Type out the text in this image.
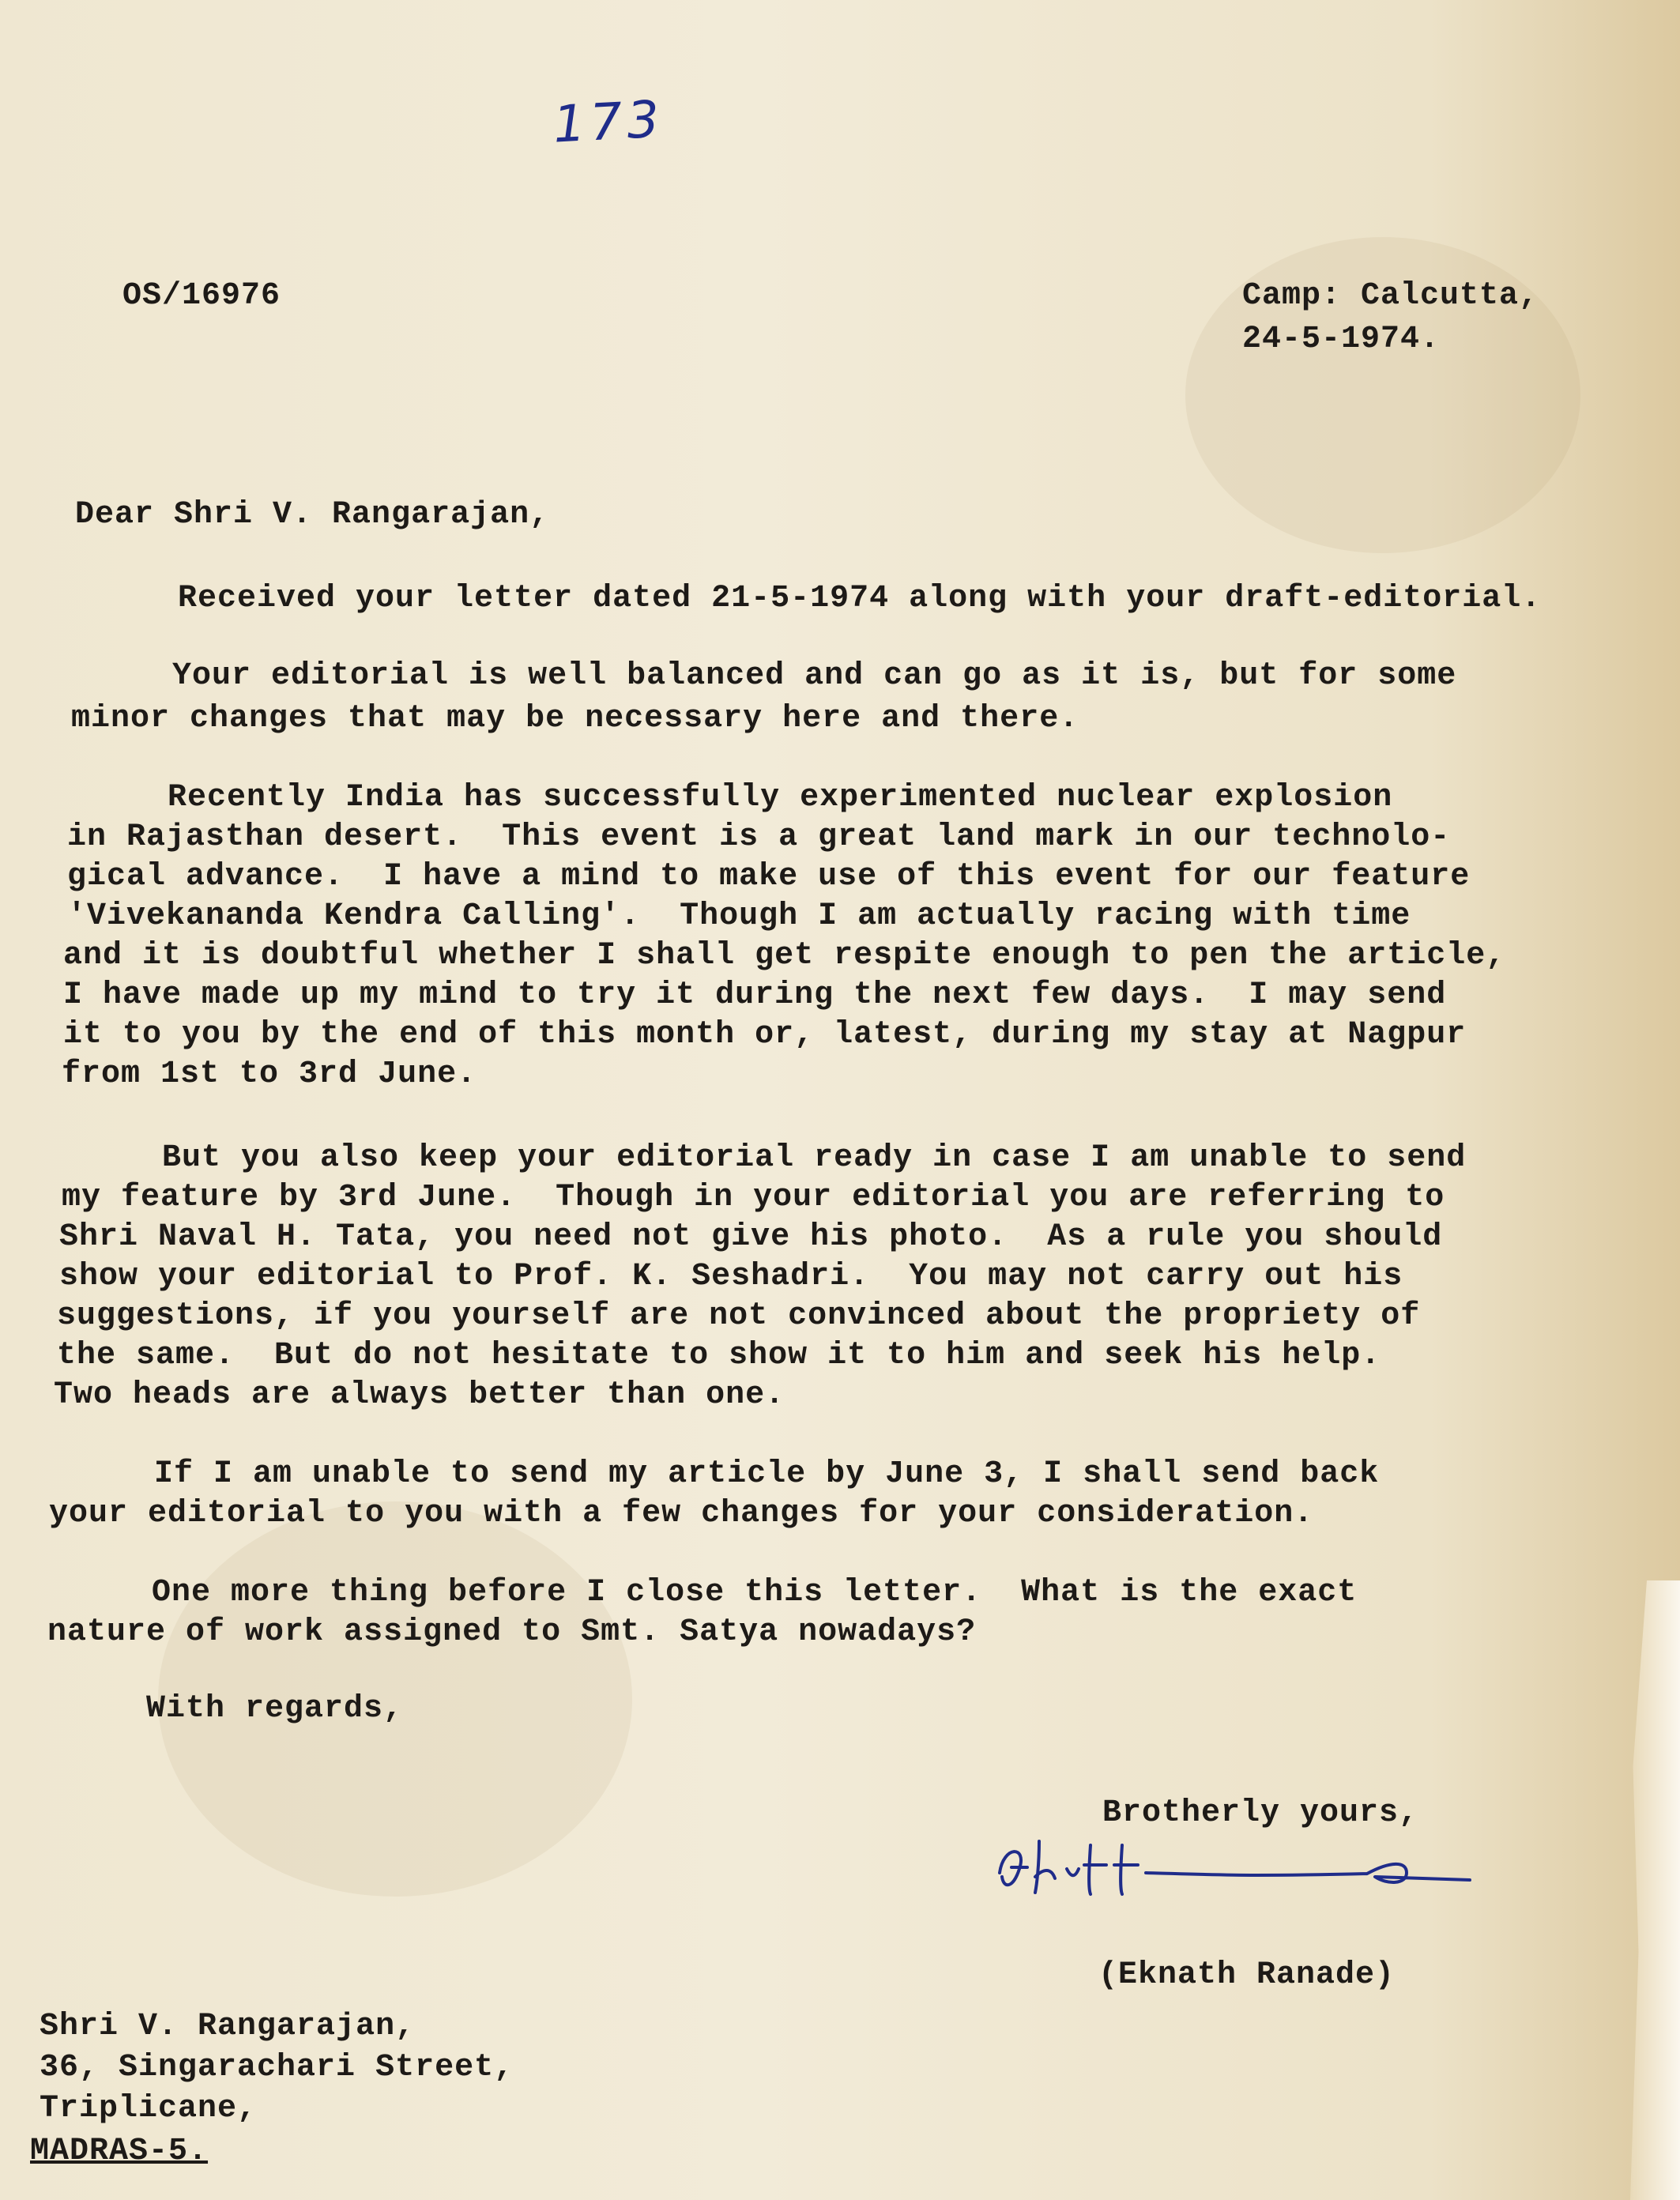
173
OS/16976	Camp: Calcutta,
24-5-1974.
Dear Shri V. Rangarajan,
Received your letter dated 21-5-1974 along with your draft-editorial.
Your editorial is well balanced and can go as it is, but for some
minor changes that may be necessary here and there.
Recently India has successfully experimented nuclear explosion
in Rajasthan desert.  This event is a great land mark in our technolo-
gical advance.  I have a mind to make use of this event for our feature
'Vivekananda Kendra Calling'.  Though I am actually racing with time
and it is doubtful whether I shall get respite enough to pen the article,
I have made up my mind to try it during the next few days.  I may send
it to you by the end of this month or, latest, during my stay at Nagpur
from 1st to 3rd June.
But you also keep your editorial ready in case I am unable to send
my feature by 3rd June.  Though in your editorial you are referring to
Shri Naval H. Tata, you need not give his photo.  As a rule you should
show your editorial to Prof. K. Seshadri.  You may not carry out his
suggestions, if you yourself are not convinced about the propriety of
the same.  But do not hesitate to show it to him and seek his help.
Two heads are always better than one.
If I am unable to send my article by June 3, I shall send back
your editorial to you with a few changes for your consideration.
One more thing before I close this letter.  What is the exact
nature of work assigned to Smt. Satya nowadays?
With regards,
Brotherly yours,
(Eknath Ranade)
Shri V. Rangarajan,
36, Singarachari Street,
Triplicane,
MADRAS-5.
